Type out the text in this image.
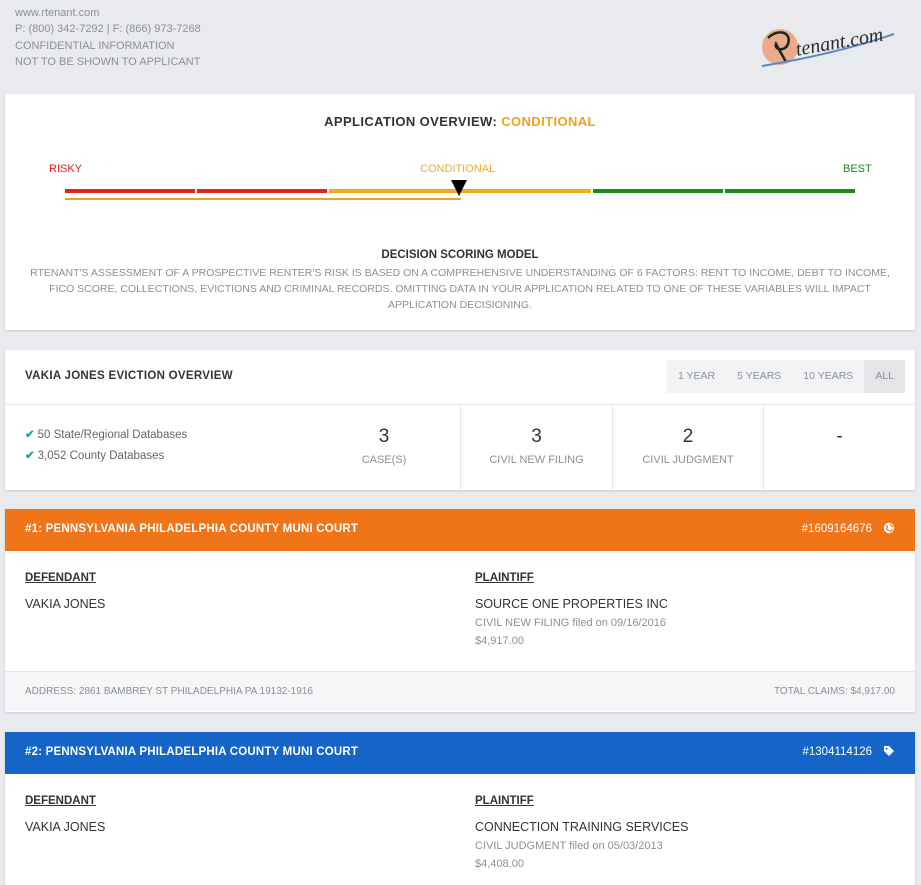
www.rtenant.com
P: (800) 342-7292 | F: (866) 973-7268
CONFIDENTIAL INFORMATION
NOT TO BE SHOWN TO APPLICANT
tenant.com
APPLICATION OVERVIEW: CONDITIONAL
RISKY	CONDITIONAL	BEST
DECISION SCORING MODEL
RTENANT'S ASSESSMENT OF A PROSPECTIVE RENTER'S RISK IS BASED ON A COMPREHENSIVE UNDERSTANDING OF 6 FACTORS: RENT TO INCOME, DEBT TO INCOME, FICO SCORE, COLLECTIONS, EVICTIONS AND CRIMINAL RECORDS. OMITTING DATA IN YOUR APPLICATION RELATED TO ONE OF THESE VARIABLES WILL IMPACT APPLICATION DECISIONING.
VAKIA JONES EVICTION OVERVIEW	1 YEAR	5 YEARS	10 YEARS	ALL
✔ 50 State/Regional Databases
✔ 3,052 County Databases
3
CASE(S)
3
CIVIL NEW FILING
2
CIVIL JUDGMENT
-
#1: PENNSYLVANIA PHILADELPHIA COUNTY MUNI COURT	#1609164676
DEFENDANT
VAKIA JONES
PLAINTIFF
SOURCE ONE PROPERTIES INC
CIVIL NEW FILING filed on 09/16/2016
$4,917.00
ADDRESS: 2861 BAMBREY ST PHILADELPHIA PA 19132-1916	TOTAL CLAIMS: $4,917.00
#2: PENNSYLVANIA PHILADELPHIA COUNTY MUNI COURT	#1304114126
DEFENDANT
VAKIA JONES
PLAINTIFF
CONNECTION TRAINING SERVICES
CIVIL JUDGMENT filed on 05/03/2013
$4,408.00
